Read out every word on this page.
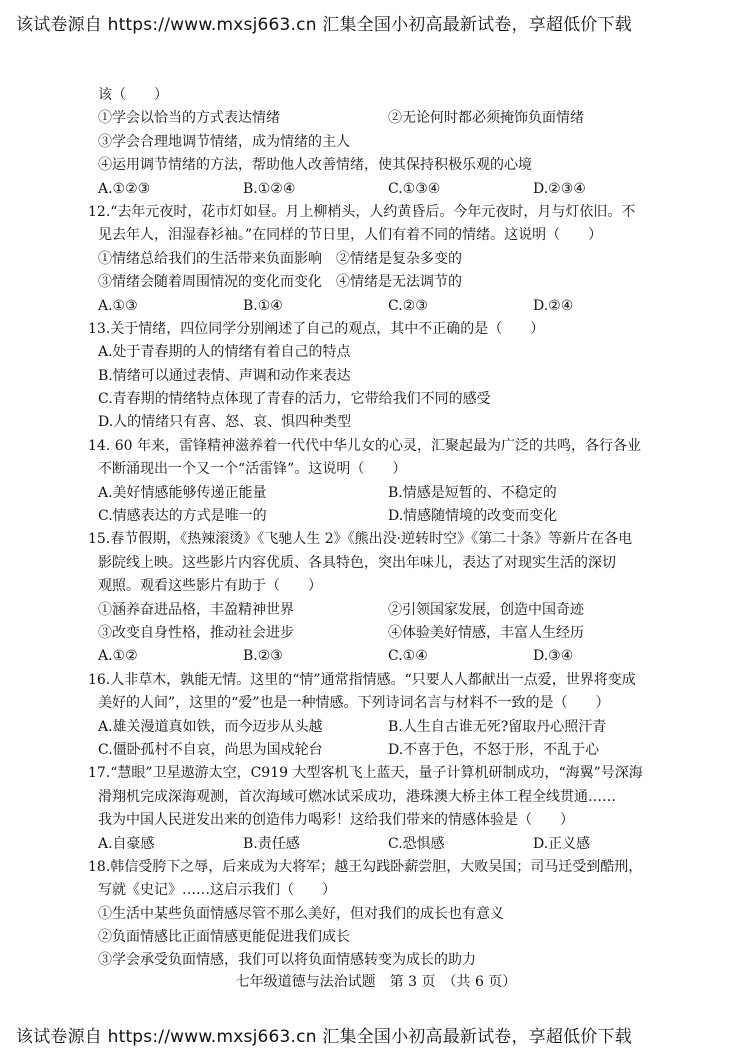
该试卷源自 https://www.mxsj663.cn 汇集全国小初高最新试卷，享超低价下载
该（　　）
①学会以恰当的方式表达情绪	②无论何时都必须掩饰负面情绪
③学会合理地调节情绪，成为情绪的主人
④运用调节情绪的方法，帮助他人改善情绪，使其保持积极乐观的心境
A.①②③	B.①②④	C.①③④	D.②③④
12.“去年元夜时，花市灯如昼。月上柳梢头，人约黄昏后。今年元夜时，月与灯依旧。不
见去年人，泪湿春衫袖。”在同样的节日里，人们有着不同的情绪。这说明（　　）
①情绪总给我们的生活带来负面影响　②情绪是复杂多变的
③情绪会随着周围情况的变化而变化　④情绪是无法调节的
A.①③	B.①④	C.②③	D.②④
13.关于情绪，四位同学分别阐述了自己的观点，其中不正确的是（　　）
A.处于青春期的人的情绪有着自己的特点
B.情绪可以通过表情、声调和动作来表达
C.青春期的情绪特点体现了青春的活力，它带给我们不同的感受
D.人的情绪只有喜、怒、哀、惧四种类型
14. 60 年来，雷锋精神滋养着一代代中华儿女的心灵，汇聚起最为广泛的共鸣，各行各业
不断涌现出一个又一个“活雷锋”。这说明（　　）
A.美好情感能够传递正能量	B.情感是短暂的、不稳定的
C.情感表达的方式是唯一的	D.情感随情境的改变而变化
15.春节假期，《热辣滚烫》《飞驰人生 2》《熊出没·逆转时空》《第二十条》等新片在各电
影院线上映。这些影片内容优质、各具特色，突出年味儿，表达了对现实生活的深切
观照。观看这些影片有助于（　　）
①涵养奋进品格，丰盈精神世界	②引领国家发展，创造中国奇迹
③改变自身性格，推动社会进步	④体验美好情感，丰富人生经历
A.①②	B.②③	C.①④	D.③④
16.人非草木，孰能无情。这里的“情”通常指情感。“只要人人都献出一点爱，世界将变成
美好的人间”，这里的“爱”也是一种情感。下列诗词名言与材料不一致的是（　　）
A.雄关漫道真如铁，而今迈步从头越	B.人生自古谁无死?留取丹心照汗青
C.僵卧孤村不自哀，尚思为国戍轮台	D.不喜于色，不怒于形，不乱于心
17.“慧眼”卫星遨游太空，C919 大型客机飞上蓝天，量子计算机研制成功，“海翼”号深海
滑翔机完成深海观测，首次海域可燃冰试采成功，港珠澳大桥主体工程全线贯通……
我为中国人民迸发出来的创造伟力喝彩！这给我们带来的情感体验是（　　）
A.自豪感	B.责任感	C.恐惧感	D.正义感
18.韩信受胯下之辱，后来成为大将军；越王勾践卧薪尝胆，大败吴国；司马迁受到酷刑，
写就《史记》……这启示我们（　　）
①生活中某些负面情感尽管不那么美好，但对我们的成长也有意义
②负面情感比正面情感更能促进我们成长
③学会承受负面情感，我们可以将负面情感转变为成长的助力
七年级道德与法治试题　第 3 页　（共 6 页）
该试卷源自 https://www.mxsj663.cn 汇集全国小初高最新试卷，享超低价下载
